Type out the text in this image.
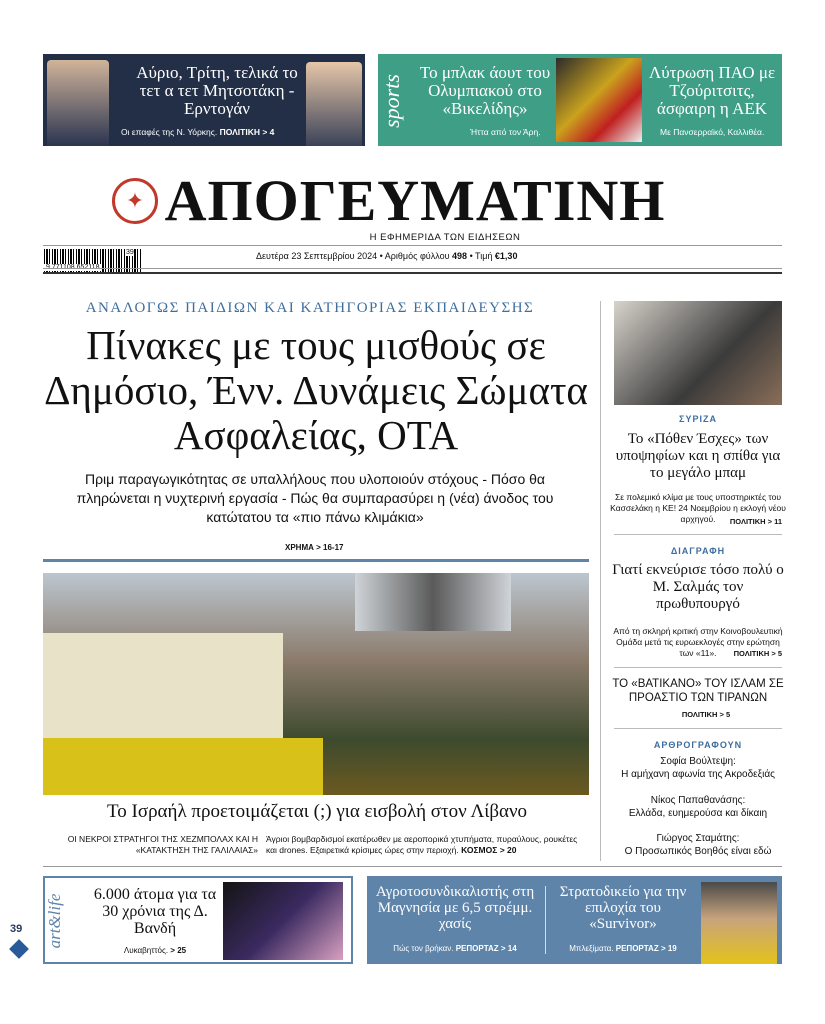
Αύριο, Τρίτη, τελικά το τετ α τετ Μητσοτάκη - Ερντογάν
Οι επαφές της Ν. Υόρκης. ΠΟΛΙΤΙΚΗ > 4
sports
Το μπλακ άουτ του Ολυμπιακού στο «Βικελίδης»
Ήττα από τον Άρη.
Λύτρωση ΠΑΟ με Τζούριτσιτς, άσφαιρη η ΑΕΚ
Με Πανσερραϊκό, Καλλιθέα.
✦ ΑΠΟΓΕΥΜΑΤΙΝΗ
Η ΕΦΗΜΕΡΙΔΑ ΤΩΝ ΕΙΔΗΣΕΩΝ
39	Δευτέρα 23 Σεπτεμβρίου 2024 • Αριθμός φύλλου 498 • Τιμή €1,30
ΑΝΑΛΟΓΩΣ ΠΑΙΔΙΩΝ ΚΑΙ ΚΑΤΗΓΟΡΙΑΣ ΕΚΠΑΙΔΕΥΣΗΣ
Πίνακες με τους μισθούς σε Δημόσιο, Ένν. Δυνάμεις Σώματα Ασφαλείας, ΟΤΑ
Πριμ παραγωγικότητας σε υπαλλήλους που υλοποιούν στόχους - Πόσο θα πληρώνεται η νυχτερινή εργασία - Πώς θα συμπαρασύρει η (νέα) άνοδος του κατώτατου τα «πιο πάνω κλιμάκια»
ΧΡΗΜΑ > 16-17
ΣΥΡΙΖΑ
Το «Πόθεν Έσχες» των υποψηφίων και η σπίθα για το μεγάλο μπαμ
Σε πολεμικό κλίμα με τους υποστηρικτές του Κασσελάκη η ΚΕ! 24 Νοεμβρίου η εκλογή νέου αρχηγού.	ΠΟΛΙΤΙΚΗ > 11
ΔΙΑΓΡΑΦΗ
Γιατί εκνεύρισε τόσο πολύ ο Μ. Σαλμάς τον πρωθυπουργό
Από τη σκληρή κριτική στην Κοινοβουλευτική Ομάδα μετά τις ευρωεκλογές στην ερώτηση των «11».	ΠΟΛΙΤΙΚΗ > 5
ΤΟ «ΒΑΤΙΚΑΝΟ» ΤΟΥ ΙΣΛΑΜ ΣΕ ΠΡΟΑΣΤΙΟ ΤΩΝ ΤΙΡΑΝΩΝ
ΠΟΛΙΤΙΚΗ > 5
ΑΡΘΡΟΓΡΑΦΟΥΝ
Σοφία Βούλτεψη:
Η αμήχανη αφωνία της Ακροδεξιάς
Νίκος Παπαθανάσης:
Ελλάδα, ευημερούσα και δίκαιη
Γιώργος Σταμάτης:
Ο Προσωπικός Βοηθός είναι εδώ
Το Ισραήλ προετοιμάζεται (;) για εισβολή στον Λίβανο
ΟΙ ΝΕΚΡΟΙ ΣΤΡΑΤΗΓΟΙ ΤΗΣ ΧΕΖΜΠΟΛΑΧ ΚΑΙ Η «ΚΑΤΑΚΤΗΣΗ ΤΗΣ ΓΑΛΙΛΑΙΑΣ»
Άγριοι βομβαρδισμοί εκατέρωθεν με αεροπορικά χτυπήματα, πυραύλους, ρουκέτες και drones. Εξαιρετικά κρίσιμες ώρες στην περιοχή. ΚΟΣΜΟΣ > 20
art&life	6.000 άτομα για τα 30 χρόνια της Δ. Βανδή
Λυκαβηττός. > 25
Αγροτοσυνδικαλιστής στη Μαγνησία με 6,5 στρέμμ. χασίς
Πώς τον βρήκαν. ΡΕΠΟΡΤΑΖ > 14
Στρατοδικείο για την επιλοχία του «Survivor»
Μπλεξίματα. ΡΕΠΟΡΤΑΖ > 19
39
